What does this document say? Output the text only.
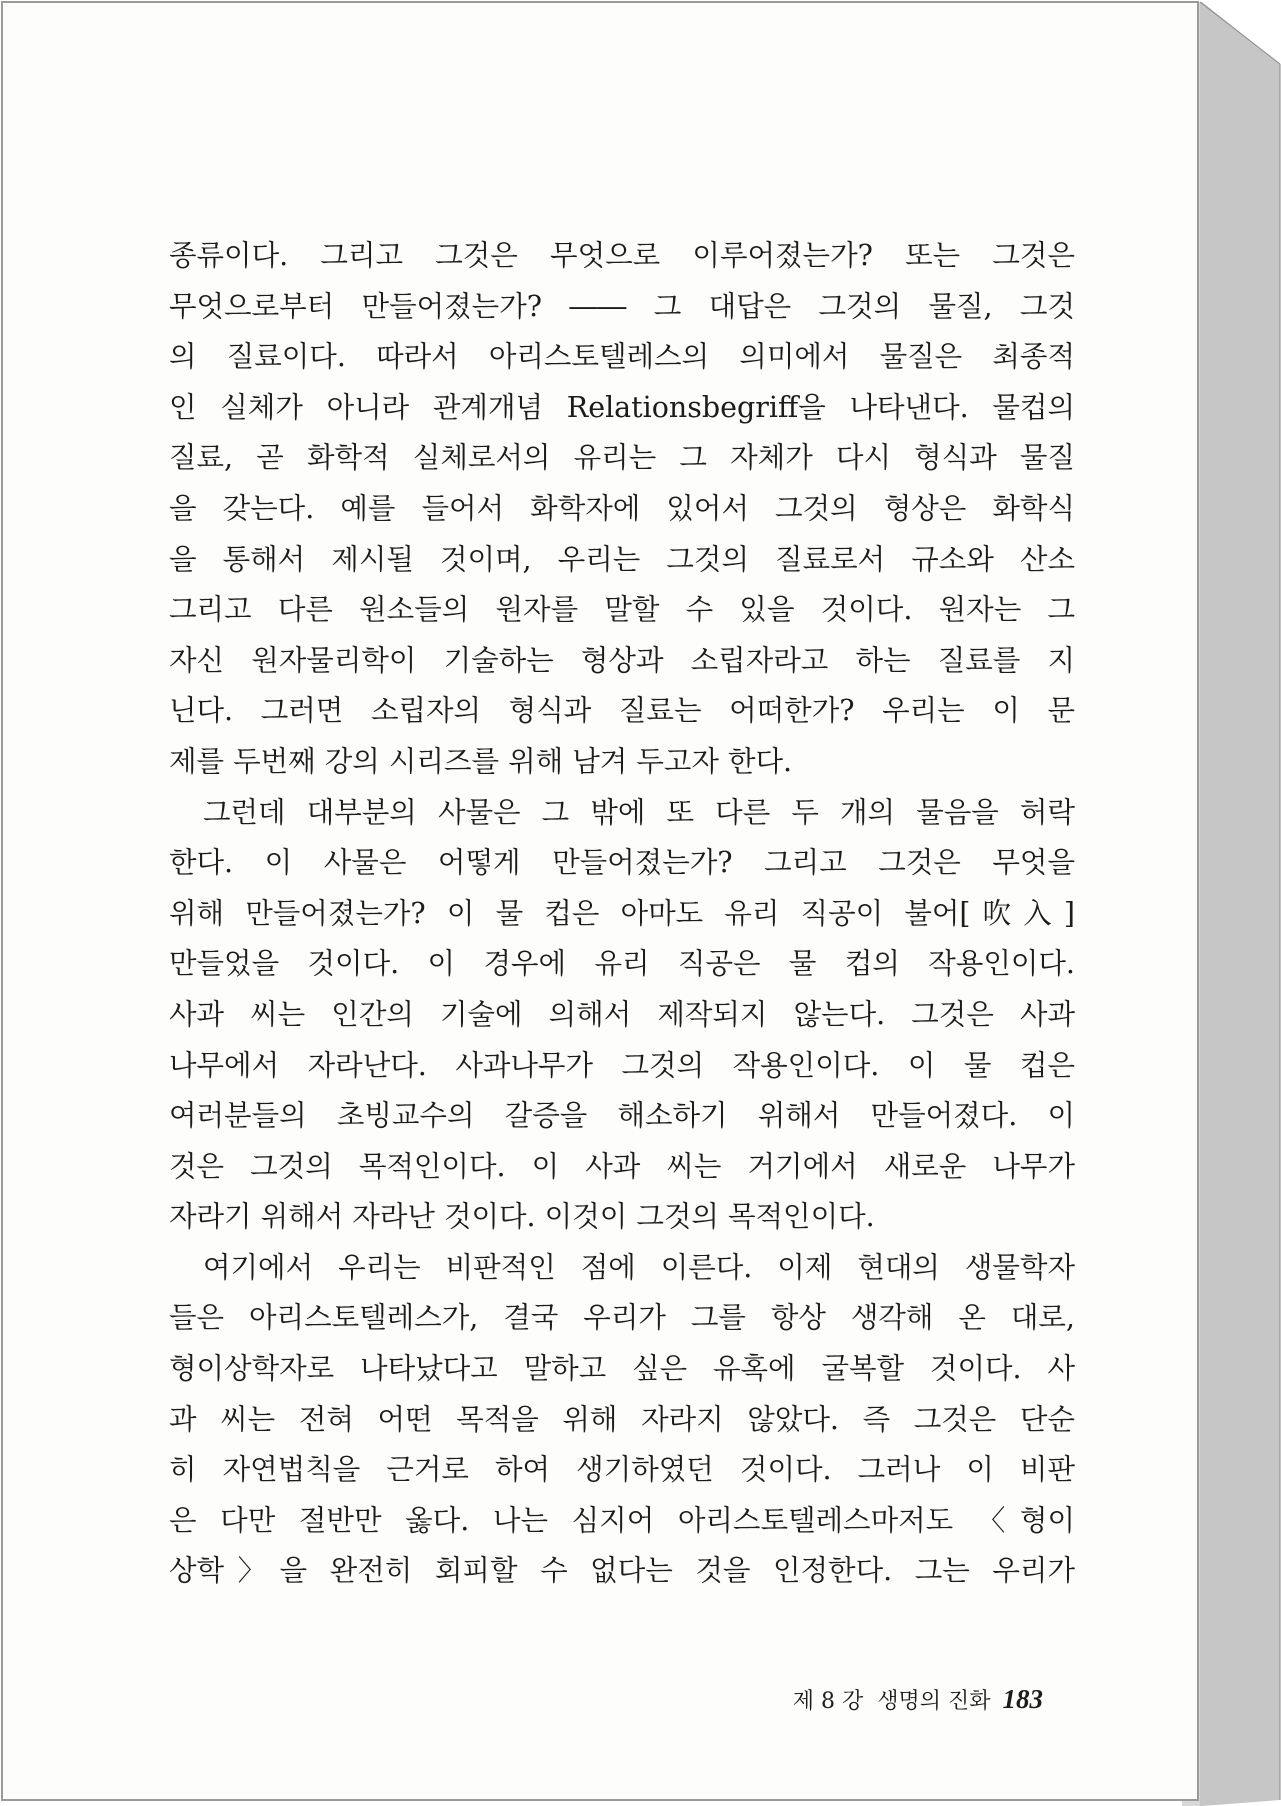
종류이다. 그리고 그것은 무엇으로 이루어졌는가? 또는 그것은
무엇으로부터 만들어졌는가? ―― 그 대답은 그것의 물질, 그것
의 질료이다. 따라서 아리스토텔레스의 의미에서 물질은 최종적
인 실체가 아니라 관계개념 Relationsbegriff을 나타낸다. 물컵의
질료, 곧 화학적 실체로서의 유리는 그 자체가 다시 형식과 물질
을 갖는다. 예를 들어서 화학자에 있어서 그것의 형상은 화학식
을 통해서 제시될 것이며, 우리는 그것의 질료로서 규소와 산소
그리고 다른 원소들의 원자를 말할 수 있을 것이다. 원자는 그
자신 원자물리학이 기술하는 형상과 소립자라고 하는 질료를 지
닌다. 그러면 소립자의 형식과 질료는 어떠한가? 우리는 이 문
제를 두번째 강의 시리즈를 위해 남겨 두고자 한다.
그런데 대부분의 사물은 그 밖에 또 다른 두 개의 물음을 허락
한다. 이 사물은 어떻게 만들어졌는가? 그리고 그것은 무엇을
위해 만들어졌는가? 이 물 컵은 아마도 유리 직공이 불어[吹入]
만들었을 것이다. 이 경우에 유리 직공은 물 컵의 작용인이다.
사과 씨는 인간의 기술에 의해서 제작되지 않는다. 그것은 사과
나무에서 자라난다. 사과나무가 그것의 작용인이다. 이 물 컵은
여러분들의 초빙교수의 갈증을 해소하기 위해서 만들어졌다. 이
것은 그것의 목적인이다. 이 사과 씨는 거기에서 새로운 나무가
자라기 위해서 자라난 것이다. 이것이 그것의 목적인이다.
여기에서 우리는 비판적인 점에 이른다. 이제 현대의 생물학자
들은 아리스토텔레스가, 결국 우리가 그를 항상 생각해 온 대로,
형이상학자로 나타났다고 말하고 싶은 유혹에 굴복할 것이다. 사
과 씨는 전혀 어떤 목적을 위해 자라지 않았다. 즉 그것은 단순
히 자연법칙을 근거로 하여 생기하였던 것이다. 그러나 이 비판
은 다만 절반만 옳다. 나는 심지어 아리스토텔레스마저도 〈형이
상학〉을 완전히 회피할 수 없다는 것을 인정한다. 그는 우리가
제 8 강 생명의 진화 183
